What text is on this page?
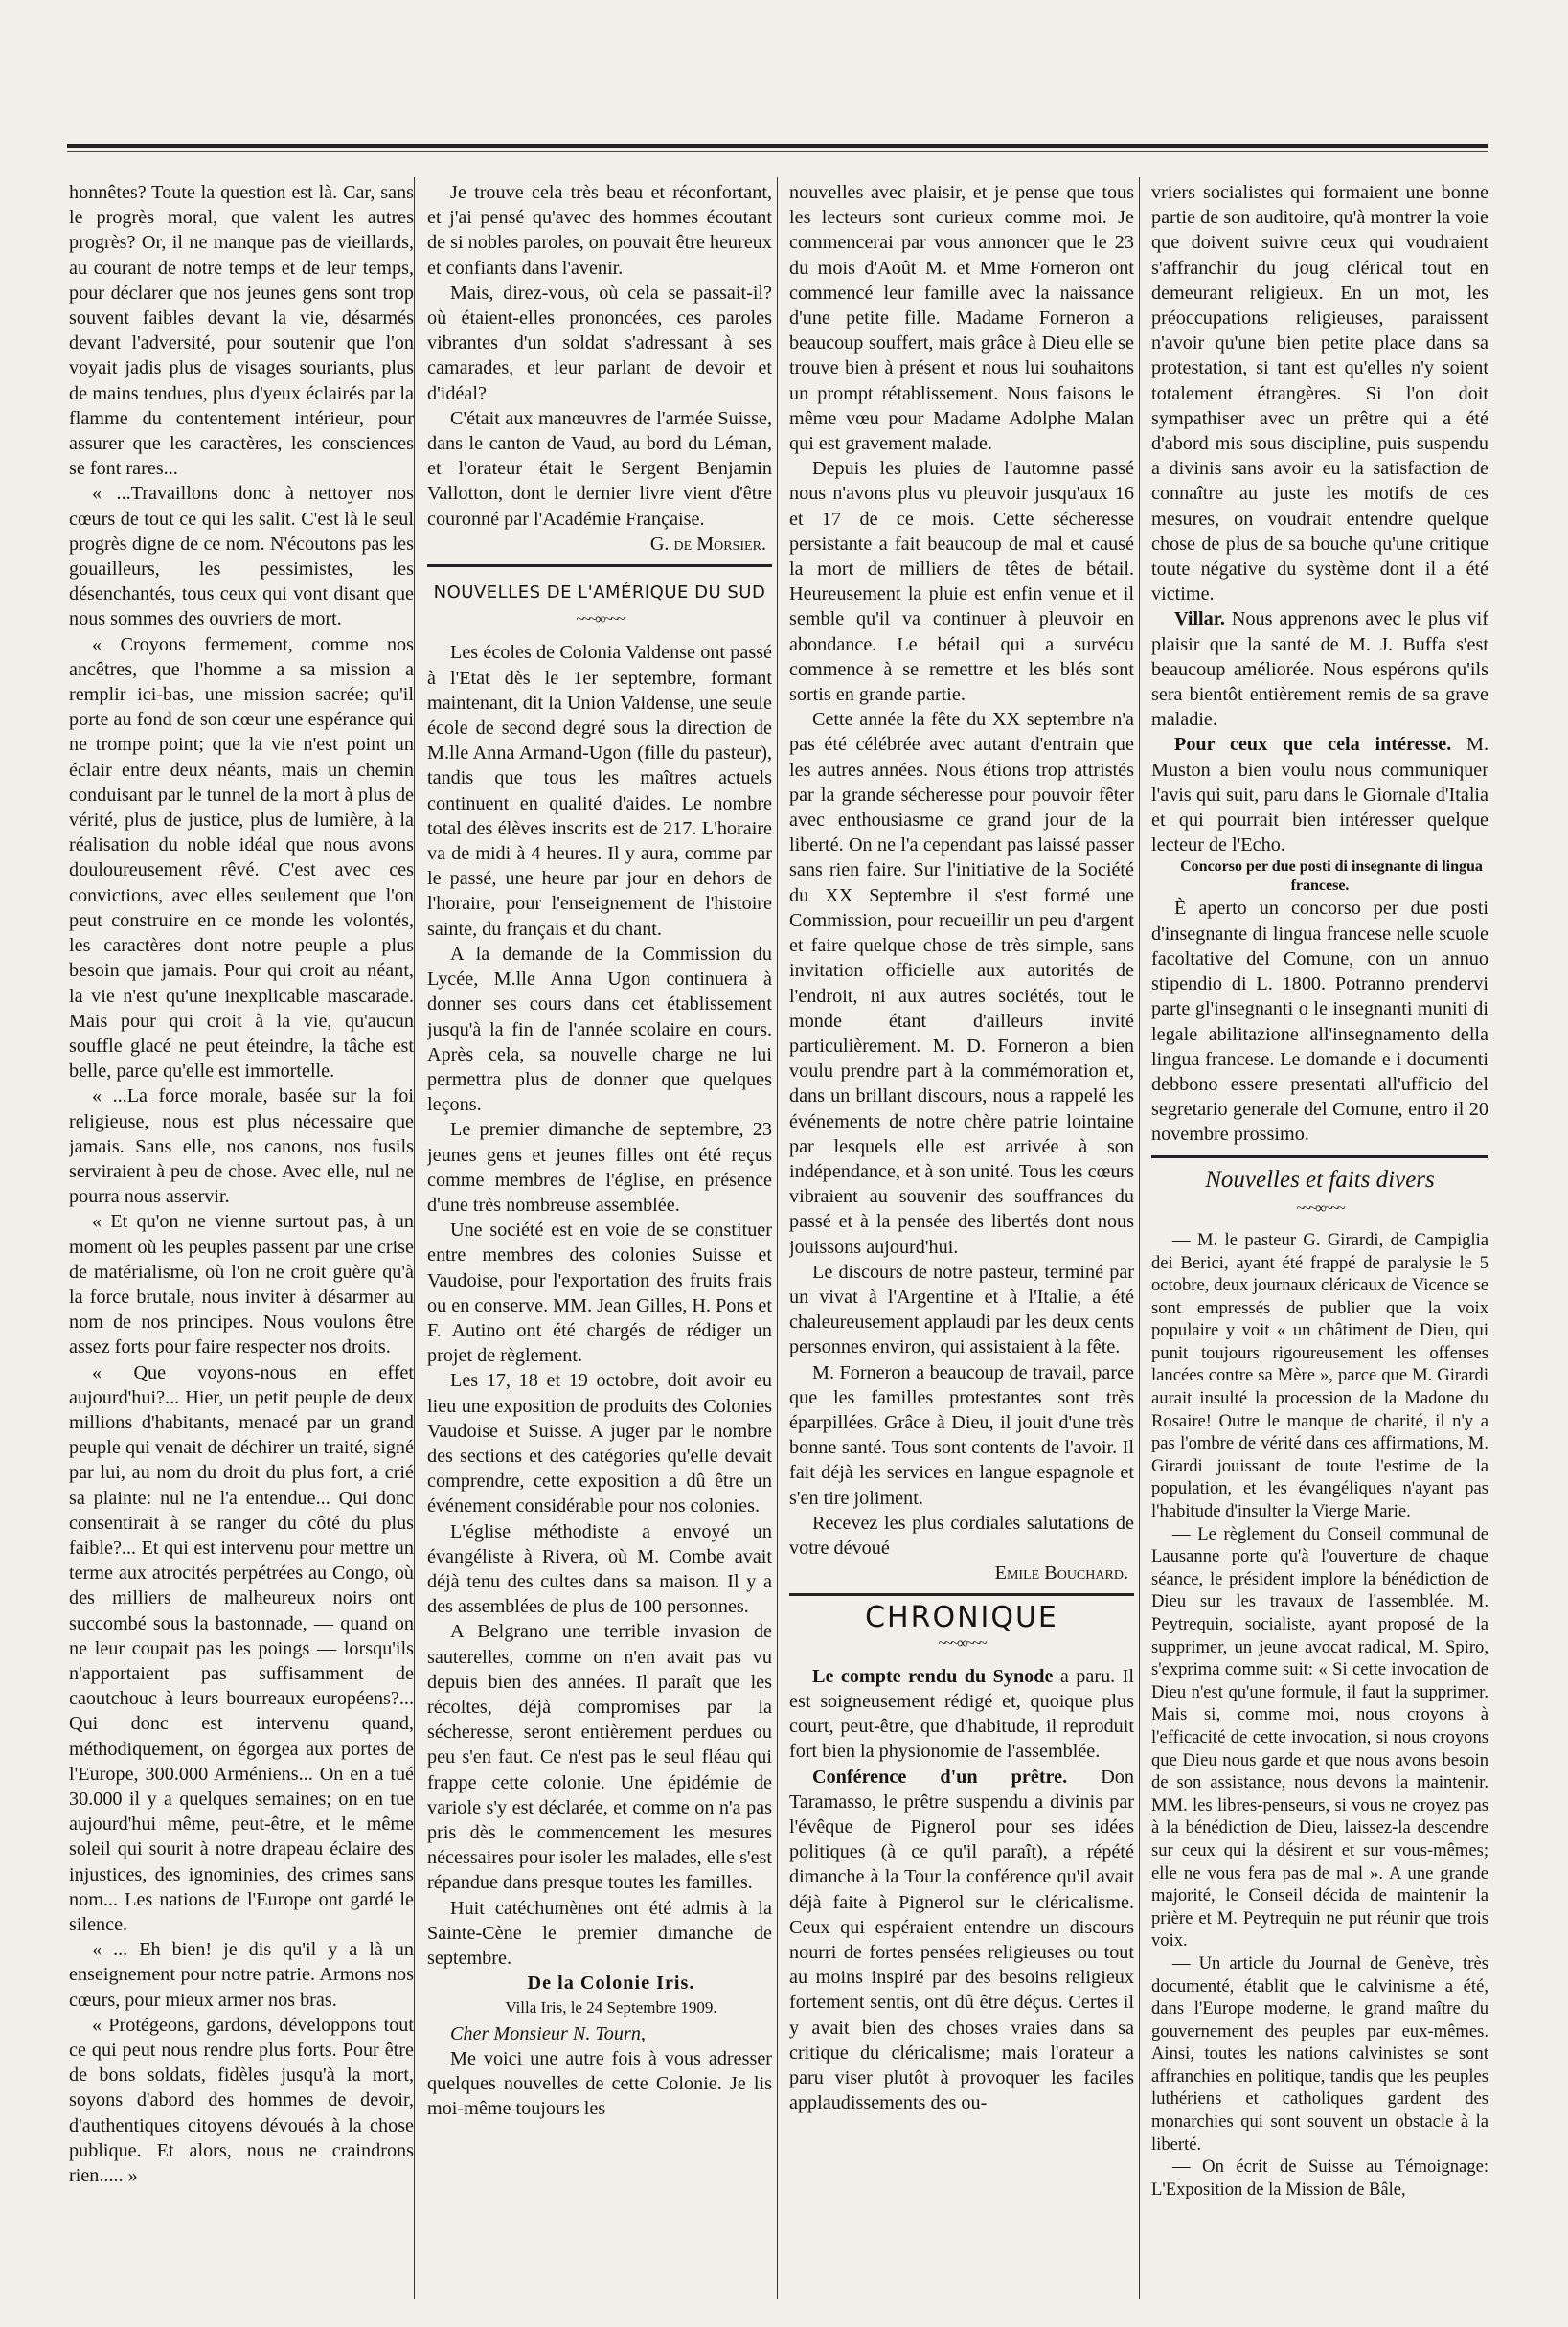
honnêtes? Toute la question est là. Car, sans le progrès moral, que valent les autres progrès? Or, il ne manque pas de vieillards, au courant de notre temps et de leur temps, pour déclarer que nos jeunes gens sont trop souvent faibles devant la vie, désarmés devant l'adversité, pour soutenir que l'on voyait jadis plus de visages souriants, plus de mains tendues, plus d'yeux éclairés par la flamme du contentement intérieur, pour assurer que les caractères, les consciences se font rares...

« ...Travaillons donc à nettoyer nos cœurs de tout ce qui les salit. C'est là le seul progrès digne de ce nom. N'écoutons pas les gouailleurs, les pessimistes, les désenchantés, tous ceux qui vont disant que nous sommes des ouvriers de mort.

« Croyons fermement, comme nos ancêtres, que l'homme a sa mission a remplir ici-bas, une mission sacrée; qu'il porte au fond de son cœur une espérance qui ne trompe point; que la vie n'est point un éclair entre deux néants, mais un chemin conduisant par le tunnel de la mort à plus de vérité, plus de justice, plus de lumière, à la réalisation du noble idéal que nous avons douloureusement rêvé. C'est avec ces convictions, avec elles seulement que l'on peut construire en ce monde les volontés, les caractères dont notre peuple a plus besoin que jamais. Pour qui croit au néant, la vie n'est qu'une inexplicable mascarade. Mais pour qui croit à la vie, qu'aucun souffle glacé ne peut éteindre, la tâche est belle, parce qu'elle est immortelle.

« ...La force morale, basée sur la foi religieuse, nous est plus nécessaire que jamais. Sans elle, nos canons, nos fusils serviraient à peu de chose. Avec elle, nul ne pourra nous asservir.

« Et qu'on ne vienne surtout pas, à un moment où les peuples passent par une crise de matérialisme, où l'on ne croit guère qu'à la force brutale, nous inviter à désarmer au nom de nos principes. Nous voulons être assez forts pour faire respecter nos droits.

« Que voyons-nous en effet aujourd'hui?... Hier, un petit peuple de deux millions d'habitants, menacé par un grand peuple qui venait de déchirer un traité, signé par lui, au nom du droit du plus fort, a crié sa plainte: nul ne l'a entendue... Qui donc consentirait à se ranger du côté du plus faible?... Et qui est intervenu pour mettre un terme aux atrocités perpétrées au Congo, où des milliers de malheureux noirs ont succombé sous la bastonnade, — quand on ne leur coupait pas les poings — lorsqu'ils n'apportaient pas suffisamment de caoutchouc à leurs bourreaux européens?... Qui donc est intervenu quand, méthodiquement, on égorgea aux portes de l'Europe, 300.000 Arméniens... On en a tué 30.000 il y a quelques semaines; on en tue aujourd'hui même, peut-être, et le même soleil qui sourit à notre drapeau éclaire des injustices, des ignominies, des crimes sans nom... Les nations de l'Europe ont gardé le silence.

« ... Eh bien! je dis qu'il y a là un enseignement pour notre patrie. Armons nos cœurs, pour mieux armer nos bras.

« Protégeons, gardons, développons tout ce qui peut nous rendre plus forts. Pour être de bons soldats, fidèles jusqu'à la mort, soyons d'abord des hommes de devoir, d'authentiques citoyens dévoués à la chose publique. Et alors, nous ne craindrons rien..... »

Je trouve cela très beau et réconfortant, et j'ai pensé qu'avec des hommes écoutant de si nobles paroles, on pouvait être heureux et confiants dans l'avenir.

Mais, direz-vous, où cela se passait-il? où étaient-elles prononcées, ces paroles vibrantes d'un soldat s'adressant à ses camarades, et leur parlant de devoir et d'idéal?

C'était aux manœuvres de l'armée Suisse, dans le canton de Vaud, au bord du Léman, et l'orateur était le Sergent Benjamin Vallotton, dont le dernier livre vient d'être couronné par l'Académie Française.

G. de Morsier.

NOUVELLES DE L'AMÉRIQUE DU SUD
~~~∞~~~

Les écoles de Colonia Valdense ont passé à l'Etat dès le 1er septembre, formant maintenant, dit la Union Valdense, une seule école de second degré sous la direction de M.lle Anna Armand-Ugon (fille du pasteur), tandis que tous les maîtres actuels continuent en qualité d'aides. Le nombre total des élèves inscrits est de 217. L'horaire va de midi à 4 heures. Il y aura, comme par le passé, une heure par jour en dehors de l'horaire, pour l'enseignement de l'histoire sainte, du français et du chant.

A la demande de la Commission du Lycée, M.lle Anna Ugon continuera à donner ses cours dans cet établissement jusqu'à la fin de l'année scolaire en cours. Après cela, sa nouvelle charge ne lui permettra plus de donner que quelques leçons.

Le premier dimanche de septembre, 23 jeunes gens et jeunes filles ont été reçus comme membres de l'église, en présence d'une très nombreuse assemblée.

Une société est en voie de se constituer entre membres des colonies Suisse et Vaudoise, pour l'exportation des fruits frais ou en conserve. MM. Jean Gilles, H. Pons et F. Autino ont été chargés de rédiger un projet de règlement.

Les 17, 18 et 19 octobre, doit avoir eu lieu une exposition de produits des Colonies Vaudoise et Suisse. A juger par le nombre des sections et des catégories qu'elle devait comprendre, cette exposition a dû être un événement considérable pour nos colonies.

L'église méthodiste a envoyé un évangéliste à Rivera, où M. Combe avait déjà tenu des cultes dans sa maison. Il y a des assemblées de plus de 100 personnes.

A Belgrano une terrible invasion de sauterelles, comme on n'en avait pas vu depuis bien des années. Il paraît que les récoltes, déjà compromises par la sécheresse, seront entièrement perdues ou peu s'en faut. Ce n'est pas le seul fléau qui frappe cette colonie. Une épidémie de variole s'y est déclarée, et comme on n'a pas pris dès le commencement les mesures nécessaires pour isoler les malades, elle s'est répandue dans presque toutes les familles.

Huit catéchumènes ont été admis à la Sainte-Cène le premier dimanche de septembre.

De la Colonie Iris.

Villa Iris, le 24 Septembre 1909.

Cher Monsieur N. Tourn,

Me voici une autre fois à vous adresser quelques nouvelles de cette Colonie. Je lis moi-même toujours les

nouvelles avec plaisir, et je pense que tous les lecteurs sont curieux comme moi. Je commencerai par vous annoncer que le 23 du mois d'Août M. et Mme Forneron ont commencé leur famille avec la naissance d'une petite fille. Madame Forneron a beaucoup souffert, mais grâce à Dieu elle se trouve bien à présent et nous lui souhaitons un prompt rétablissement. Nous faisons le même vœu pour Madame Adolphe Malan qui est gravement malade.

Depuis les pluies de l'automne passé nous n'avons plus vu pleuvoir jusqu'aux 16 et 17 de ce mois. Cette sécheresse persistante a fait beaucoup de mal et causé la mort de milliers de têtes de bétail. Heureusement la pluie est enfin venue et il semble qu'il va continuer à pleuvoir en abondance. Le bétail qui a survécu commence à se remettre et les blés sont sortis en grande partie.

Cette année la fête du XX septembre n'a pas été célébrée avec autant d'entrain que les autres années. Nous étions trop attristés par la grande sécheresse pour pouvoir fêter avec enthousiasme ce grand jour de la liberté. On ne l'a cependant pas laissé passer sans rien faire. Sur l'initiative de la Société du XX Septembre il s'est formé une Commission, pour recueillir un peu d'argent et faire quelque chose de très simple, sans invitation officielle aux autorités de l'endroit, ni aux autres sociétés, tout le monde étant d'ailleurs invité particulièrement. M. D. Forneron a bien voulu prendre part à la commémoration et, dans un brillant discours, nous a rappelé les événements de notre chère patrie lointaine par lesquels elle est arrivée à son indépendance, et à son unité. Tous les cœurs vibraient au souvenir des souffrances du passé et à la pensée des libertés dont nous jouissons aujourd'hui.

Le discours de notre pasteur, terminé par un vivat à l'Argentine et à l'Italie, a été chaleureusement applaudi par les deux cents personnes environ, qui assistaient à la fête.

M. Forneron a beaucoup de travail, parce que les familles protestantes sont très éparpillées. Grâce à Dieu, il jouit d'une très bonne santé. Tous sont contents de l'avoir. Il fait déjà les services en langue espagnole et s'en tire joliment.

Recevez les plus cordiales salutations de votre dévoué

Emile Bouchard.

CHRONIQUE
~~~∞~~~

Le compte rendu du Synode a paru. Il est soigneusement rédigé et, quoique plus court, peut-être, que d'habitude, il reproduit fort bien la physionomie de l'assemblée.

Conférence d'un prêtre. Don Taramasso, le prêtre suspendu a divinis par l'évêque de Pignerol pour ses idées politiques (à ce qu'il paraît), a répété dimanche à la Tour la conférence qu'il avait déjà faite à Pignerol sur le cléricalisme. Ceux qui espéraient entendre un discours nourri de fortes pensées religieuses ou tout au moins inspiré par des besoins religieux fortement sentis, ont dû être déçus. Certes il y avait bien des choses vraies dans sa critique du cléricalisme; mais l'orateur a paru viser plutôt à provoquer les faciles applaudissements des ou-

vriers socialistes qui formaient une bonne partie de son auditoire, qu'à montrer la voie que doivent suivre ceux qui voudraient s'affranchir du joug clérical tout en demeurant religieux. En un mot, les préoccupations religieuses, paraissent n'avoir qu'une bien petite place dans sa protestation, si tant est qu'elles n'y soient totalement étrangères. Si l'on doit sympathiser avec un prêtre qui a été d'abord mis sous discipline, puis suspendu a divinis sans avoir eu la satisfaction de connaître au juste les motifs de ces mesures, on voudrait entendre quelque chose de plus de sa bouche qu'une critique toute négative du système dont il a été victime.

Villar. Nous apprenons avec le plus vif plaisir que la santé de M. J. Buffa s'est beaucoup améliorée. Nous espérons qu'ils sera bientôt entièrement remis de sa grave maladie.

Pour ceux que cela intéresse. M. Muston a bien voulu nous communiquer l'avis qui suit, paru dans le Giornale d'Italia et qui pourrait bien intéresser quelque lecteur de l'Echo.

Concorso per due posti di insegnante di lingua francese.

È aperto un concorso per due posti d'insegnante di lingua francese nelle scuole facoltative del Comune, con un annuo stipendio di L. 1800. Potranno prendervi parte gl'insegnanti o le insegnanti muniti di legale abilitazione all'insegnamento della lingua francese. Le domande e i documenti debbono essere presentati all'ufficio del segretario generale del Comune, entro il 20 novembre prossimo.

Nouvelles et faits divers
~~~∞~~~

— M. le pasteur G. Girardi, de Campiglia dei Berici, ayant été frappé de paralysie le 5 octobre, deux journaux cléricaux de Vicence se sont empressés de publier que la voix populaire y voit « un châtiment de Dieu, qui punit toujours rigoureusement les offenses lancées contre sa Mère », parce que M. Girardi aurait insulté la procession de la Madone du Rosaire! Outre le manque de charité, il n'y a pas l'ombre de vérité dans ces affirmations, M. Girardi jouissant de toute l'estime de la population, et les évangéliques n'ayant pas l'habitude d'insulter la Vierge Marie.

— Le règlement du Conseil communal de Lausanne porte qu'à l'ouverture de chaque séance, le président implore la bénédiction de Dieu sur les travaux de l'assemblée. M. Peytrequin, socialiste, ayant proposé de la supprimer, un jeune avocat radical, M. Spiro, s'exprima comme suit: « Si cette invocation de Dieu n'est qu'une formule, il faut la supprimer. Mais si, comme moi, nous croyons à l'efficacité de cette invocation, si nous croyons que Dieu nous garde et que nous avons besoin de son assistance, nous devons la maintenir. MM. les libres-penseurs, si vous ne croyez pas à la bénédiction de Dieu, laissez-la descendre sur ceux qui la désirent et sur vous-mêmes; elle ne vous fera pas de mal ». A une grande majorité, le Conseil décida de maintenir la prière et M. Peytrequin ne put réunir que trois voix.

— Un article du Journal de Genève, très documenté, établit que le calvinisme a été, dans l'Europe moderne, le grand maître du gouvernement des peuples par eux-mêmes. Ainsi, toutes les nations calvinistes se sont affranchies en politique, tandis que les peuples luthériens et catholiques gardent des monarchies qui sont souvent un obstacle à la liberté.

— On écrit de Suisse au Témoignage: L'Exposition de la Mission de Bâle,
